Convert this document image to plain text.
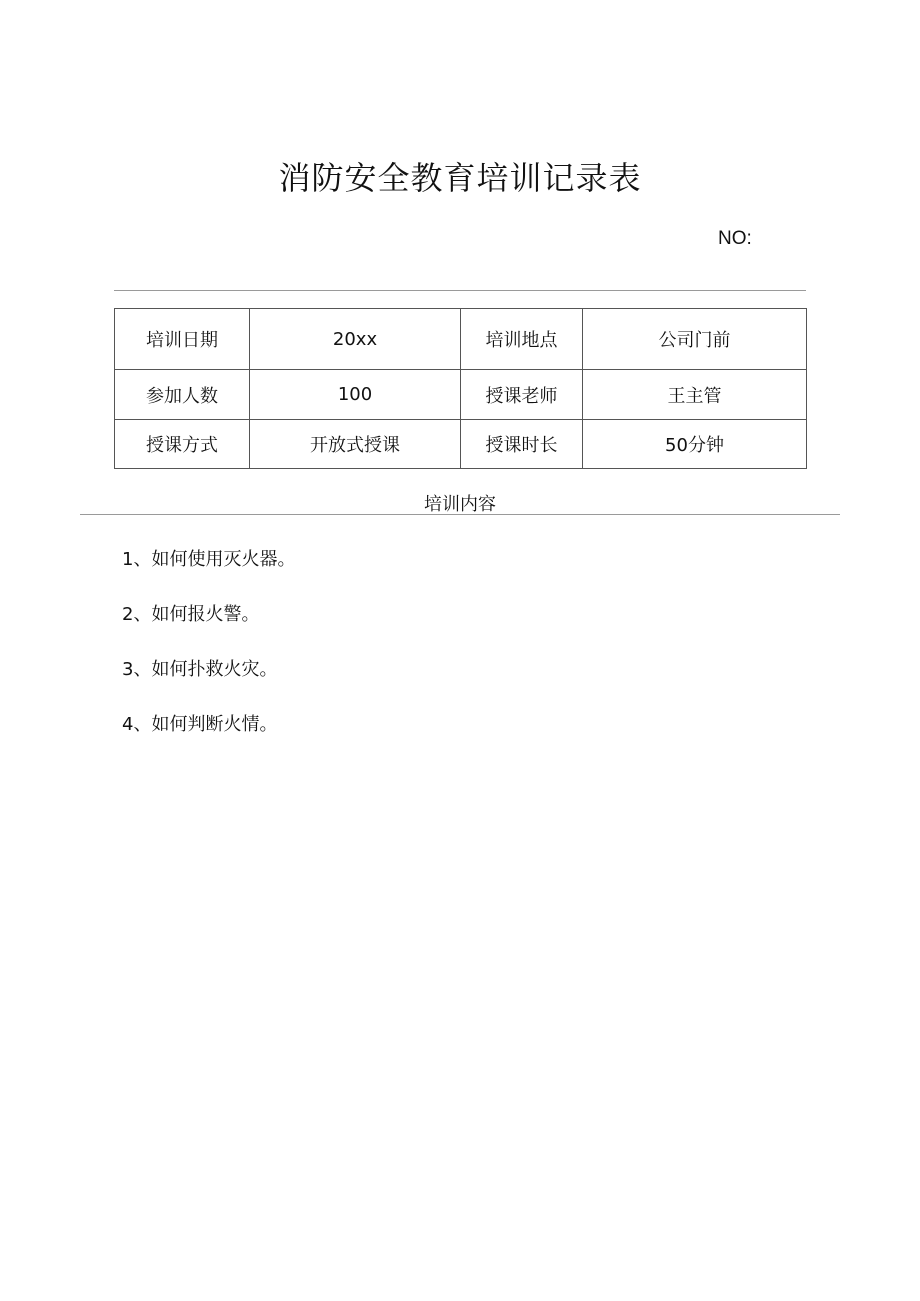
消防安全教育培训记录表
NO:
培训日期	20xx	培训地点	公司门前
参加人数	100	授课老师	王主管
授课方式	开放式授课	授课时长	50分钟
培训内容
1、如何使用灭火器。
2、如何报火警。
3、如何扑救火灾。
4、如何判断火情。
